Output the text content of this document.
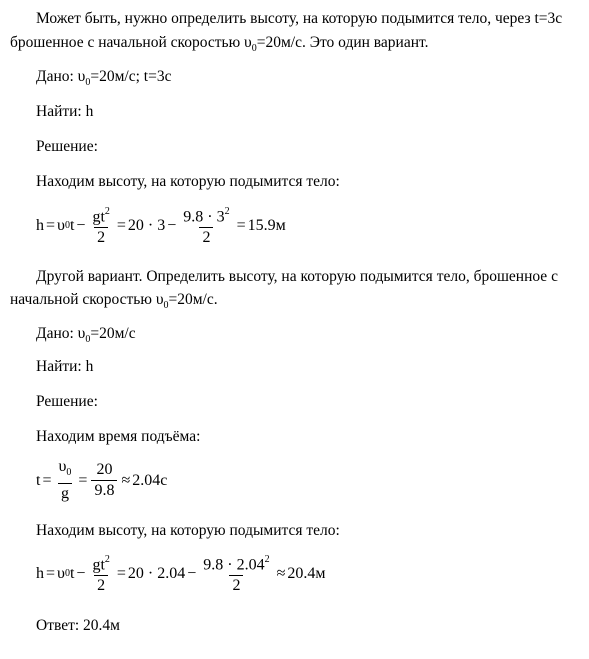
Может быть, нужно определить высоту, на которую подымится тело, через t=3с
брошенное с начальной скоростью $\upsilon_0=20м/с$. Это один вариант.
Дано: $\upsilon_0=20м/с$; t=3с
Найти: h
Решение:
Находим высоту, на которую подымится тело:
h = υ 0 $t - \frac{gt^2}{2} = 20 \cdot 3 - \frac{9.8 \cdot 3^2}{2} = 15.9м$
Другой вариант. Определить высоту, на которую подымится тело, брошенное с
начальной скоростью $\upsilon_0=20м/с$.
Дано: $\upsilon_0=20м/с$
Найти: h
Решение:
Находим время подъёма:
$t = \frac{\upsilon_0}{g} = \frac{20}{9.8} \approx 2.04с$
Находим высоту, на которую подымится тело:
h = υ 0 $t - \frac{gt^2}{2} = 20 \cdot 2.04 - \frac{9.8 \cdot 2.04^2}{2} \approx 20.4м$
Ответ: 20.4м
